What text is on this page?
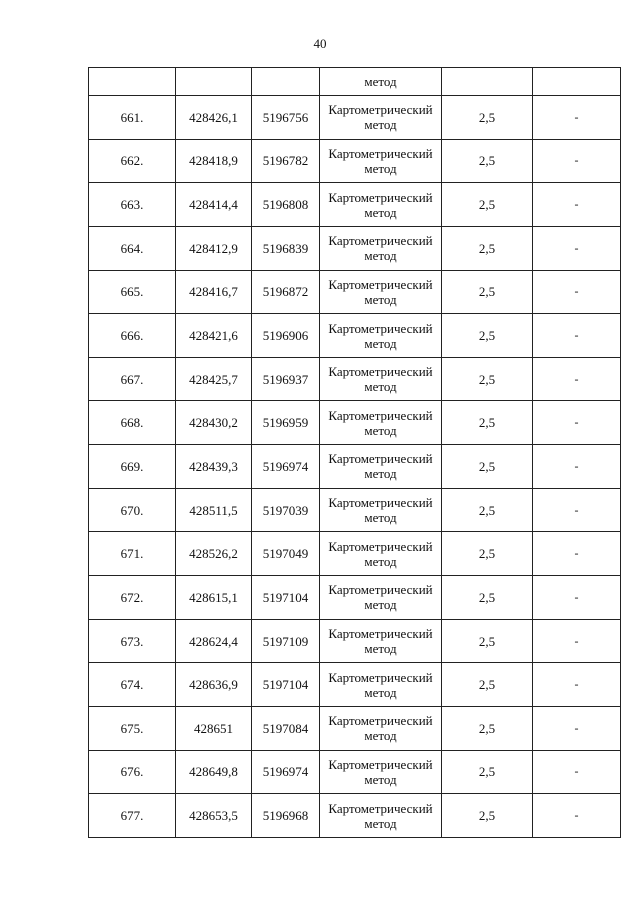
40
			метод		
661.	428426,1	5196756	Картометрический
метод	2,5	-
662.	428418,9	5196782	Картометрический
метод	2,5	-
663.	428414,4	5196808	Картометрический
метод	2,5	-
664.	428412,9	5196839	Картометрический
метод	2,5	-
665.	428416,7	5196872	Картометрический
метод	2,5	-
666.	428421,6	5196906	Картометрический
метод	2,5	-
667.	428425,7	5196937	Картометрический
метод	2,5	-
668.	428430,2	5196959	Картометрический
метод	2,5	-
669.	428439,3	5196974	Картометрический
метод	2,5	-
670.	428511,5	5197039	Картометрический
метод	2,5	-
671.	428526,2	5197049	Картометрический
метод	2,5	-
672.	428615,1	5197104	Картометрический
метод	2,5	-
673.	428624,4	5197109	Картометрический
метод	2,5	-
674.	428636,9	5197104	Картометрический
метод	2,5	-
675.	428651	5197084	Картометрический
метод	2,5	-
676.	428649,8	5196974	Картометрический
метод	2,5	-
677.	428653,5	5196968	Картометрический
метод	2,5	-
